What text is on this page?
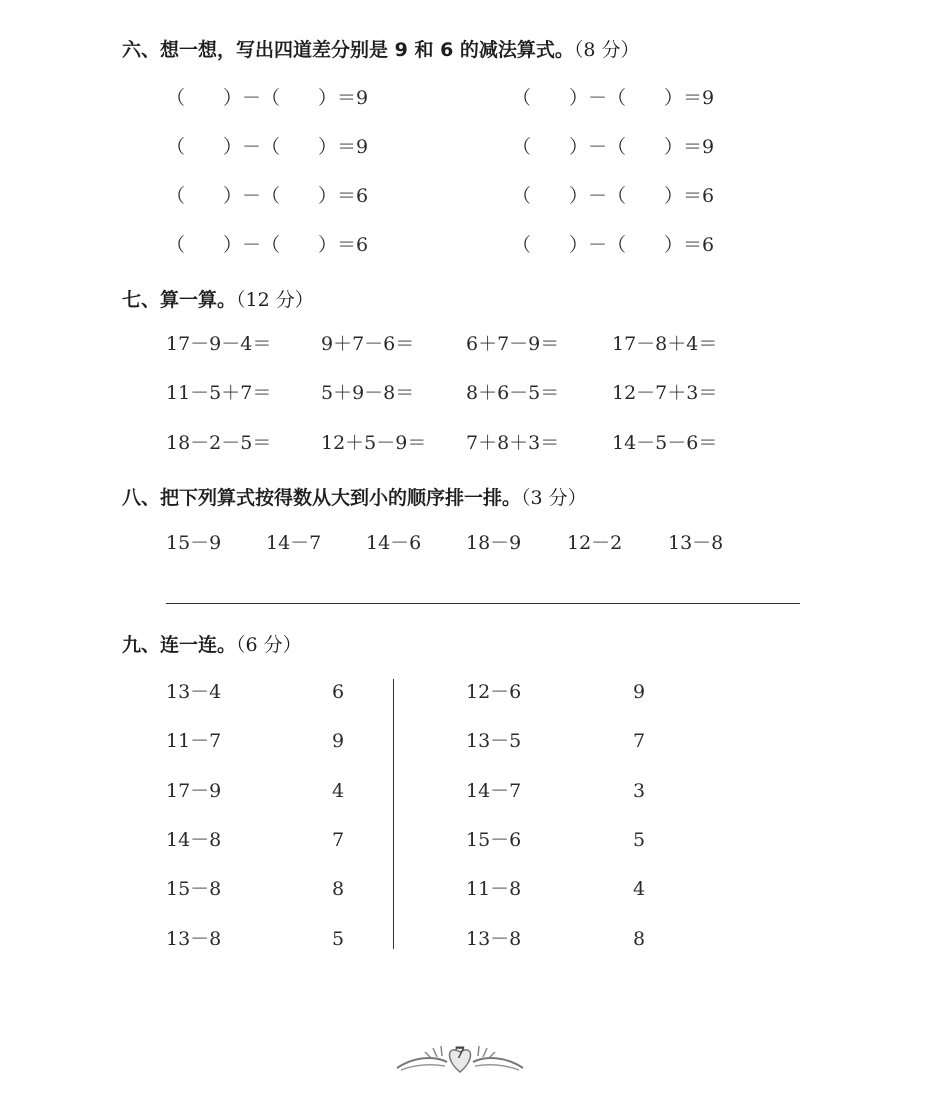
六、想一想，写出四道差分别是 9 和 6 的减法算式。（8 分）
（　　）－（　　）＝9	（　　）－（　　）＝9
（　　）－（　　）＝9	（　　）－（　　）＝9
（　　）－（　　）＝6	（　　）－（　　）＝6
（　　）－（　　）＝6	（　　）－（　　）＝6
七、算一算。（12 分）
17－9－4＝	9＋7－6＝	6＋7－9＝	17－8＋4＝
11－5＋7＝	5＋9－8＝	8＋6－5＝	12－7＋3＝
18－2－5＝	12＋5－9＝ 7＋8＋3＝	14－5－6＝
八、把下列算式按得数从大到小的顺序排一排。（3 分）
15－9 14－7 14－6 18－9 12－2 13－8
九、连一连。（6 分）
13－4	6
11－7	9
17－9	4
14－8	7
15－8	8
13－8	5
12－6	9
13－5	7
14－7	3
15－6	5
11－8	4
13－8	8
7
